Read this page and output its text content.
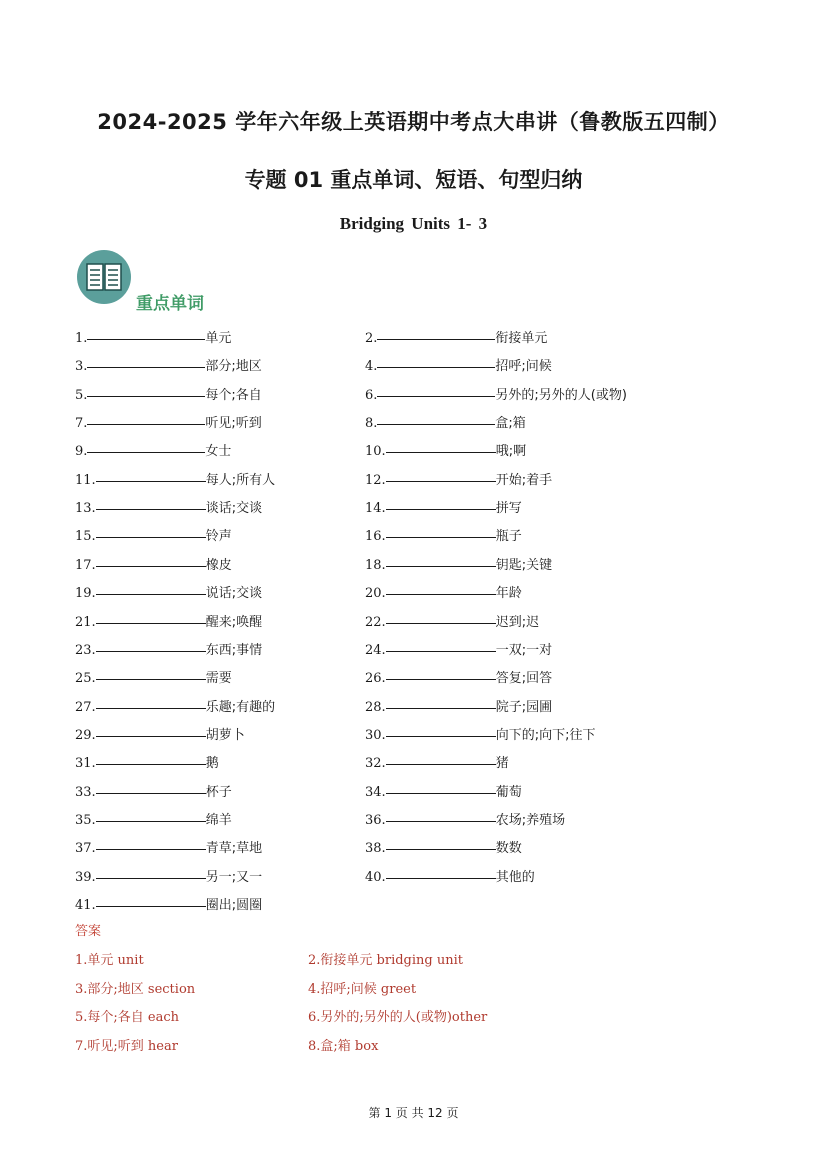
2024-2025 学年六年级上英语期中考点大串讲（鲁教版五四制）
专题 01 重点单词、短语、句型归纳
Bridging Units 1- 3
重点单词
1.	单元	2.	衔接单元
3.	部分;地区	4.	招呼;问候
5.	每个;各自	6.	另外的;另外的人(或物)
7.	听见;听到	8.	盒;箱
9.	女士	10.	哦;啊
11.	每人;所有人	12.	开始;着手
13.	谈话;交谈	14.	拼写
15.	铃声	16.	瓶子
17.	橡皮	18.	钥匙;关键
19.	说话;交谈	20.	年龄
21.	醒来;唤醒	22.	迟到;迟
23.	东西;事情	24.	一双;一对
25.	需要	26.	答复;回答
27.	乐趣;有趣的	28.	院子;园圃
29.	胡萝卜	30.	向下的;向下;往下
31.	鹅	32.	猪
33.	杯子	34.	葡萄
35.	绵羊	36.	农场;养殖场
37.	青草;草地	38.	数数
39.	另一;又一	40.	其他的
41.	圈出;圆圈
答案
1.单元 unit	2.衔接单元 bridging unit
3.部分;地区 section	4.招呼;问候 greet
5.每个;各自 each	6.另外的;另外的人(或物)other
7.听见;听到 hear	8.盒;箱 box
第 1 页 共 12 页
